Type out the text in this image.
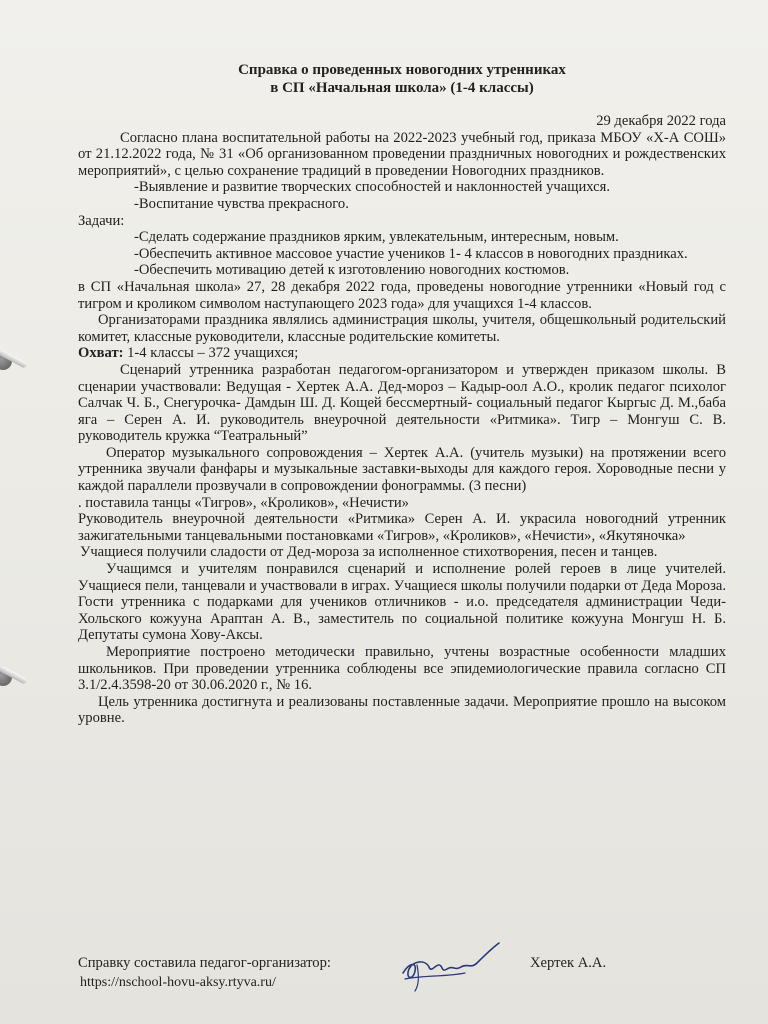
Справка о проведенных новогодних утренниках
в СП «Начальная школа» (1-4 классы)

29 декабря 2022 года

Согласно плана воспитательной работы на 2022-2023 учебный год, приказа МБОУ «Х-А СОШ» от 21.12.2022 года, № 31 «Об организованном проведении праздничных новогодних и рождественских мероприятий», с целью сохранение традиций в проведении Новогодних праздников.

-Выявление и развитие творческих способностей и наклонностей учащихся.

-Воспитание чувства прекрасного.

Задачи:

-Сделать содержание праздников ярким, увлекательным, интересным, новым.

-Обеспечить активное массовое участие учеников 1- 4 классов в новогодних праздниках.

-Обеспечить мотивацию детей к изготовлению новогодних костюмов.

в СП «Начальная школа» 27, 28 декабря 2022 года, проведены новогодние утренники «Новый год с тигром и кроликом символом наступающего 2023 года» для учащихся 1-4 классов.

Организаторами праздника являлись администрация школы, учителя, общешкольный родительский комитет, классные руководители, классные родительские комитеты.

Охват: 1-4 классы – 372 учащихся;

Сценарий утренника разработан педагогом-организатором и утвержден приказом школы. В сценарии участвовали: Ведущая - Хертек А.А. Дед-мороз – Кадыр-оол А.О., кролик педагог психолог Салчак Ч. Б., Снегурочка- Дамдын Ш. Д. Кощей бессмертный- социальный педагог Кыргыс Д. М.,баба яга – Серен А. И. руководитель внеурочной деятельности «Ритмика». Тигр – Монгуш С. В. руководитель кружка “Театральный”

Оператор музыкального сопровождения – Хертек А.А. (учитель музыки) на протяжении всего утренника звучали фанфары и музыкальные заставки-выходы для каждого героя. Хороводные песни у каждой параллели прозвучали в сопровождении фонограммы. (3 песни)

. поставила танцы «Тигров», «Кроликов», «Нечисти»

Руководитель внеурочной деятельности «Ритмика» Серен А. И. украсила новогодний утренник зажигательными танцевальными постановками «Тигров», «Кроликов», «Нечисти», «Якутяночка»

Учащиеся получили сладости от Дед-мороза за исполненное стихотворения, песен и танцев.

Учащимся и учителям понравился сценарий и исполнение ролей героев в лице учителей. Учащиеся пели, танцевали и участвовали в играх. Учащиеся школы получили подарки от Деда Мороза. Гости утренника с подарками для учеников отличников - и.о. председателя администрации Чеди-Хольского кожууна Арaптан А. В., заместитель по социальной политике кожууна Монгуш Н. Б. Депутаты сумона Хову-Аксы.

Мероприятие построено методически правильно, учтены возрастные особенности младших школьников. При проведении утренника соблюдены все эпидемиологические правила согласно СП 3.1/2.4.3598-20 от 30.06.2020 г., № 16.

Цель утренника достигнута и реализованы поставленные задачи. Мероприятие прошло на высоком уровне.

Справку составила педагог-организатор:	Хертек А.А.
https://nschool-hovu-aksy.rtyva.ru/
